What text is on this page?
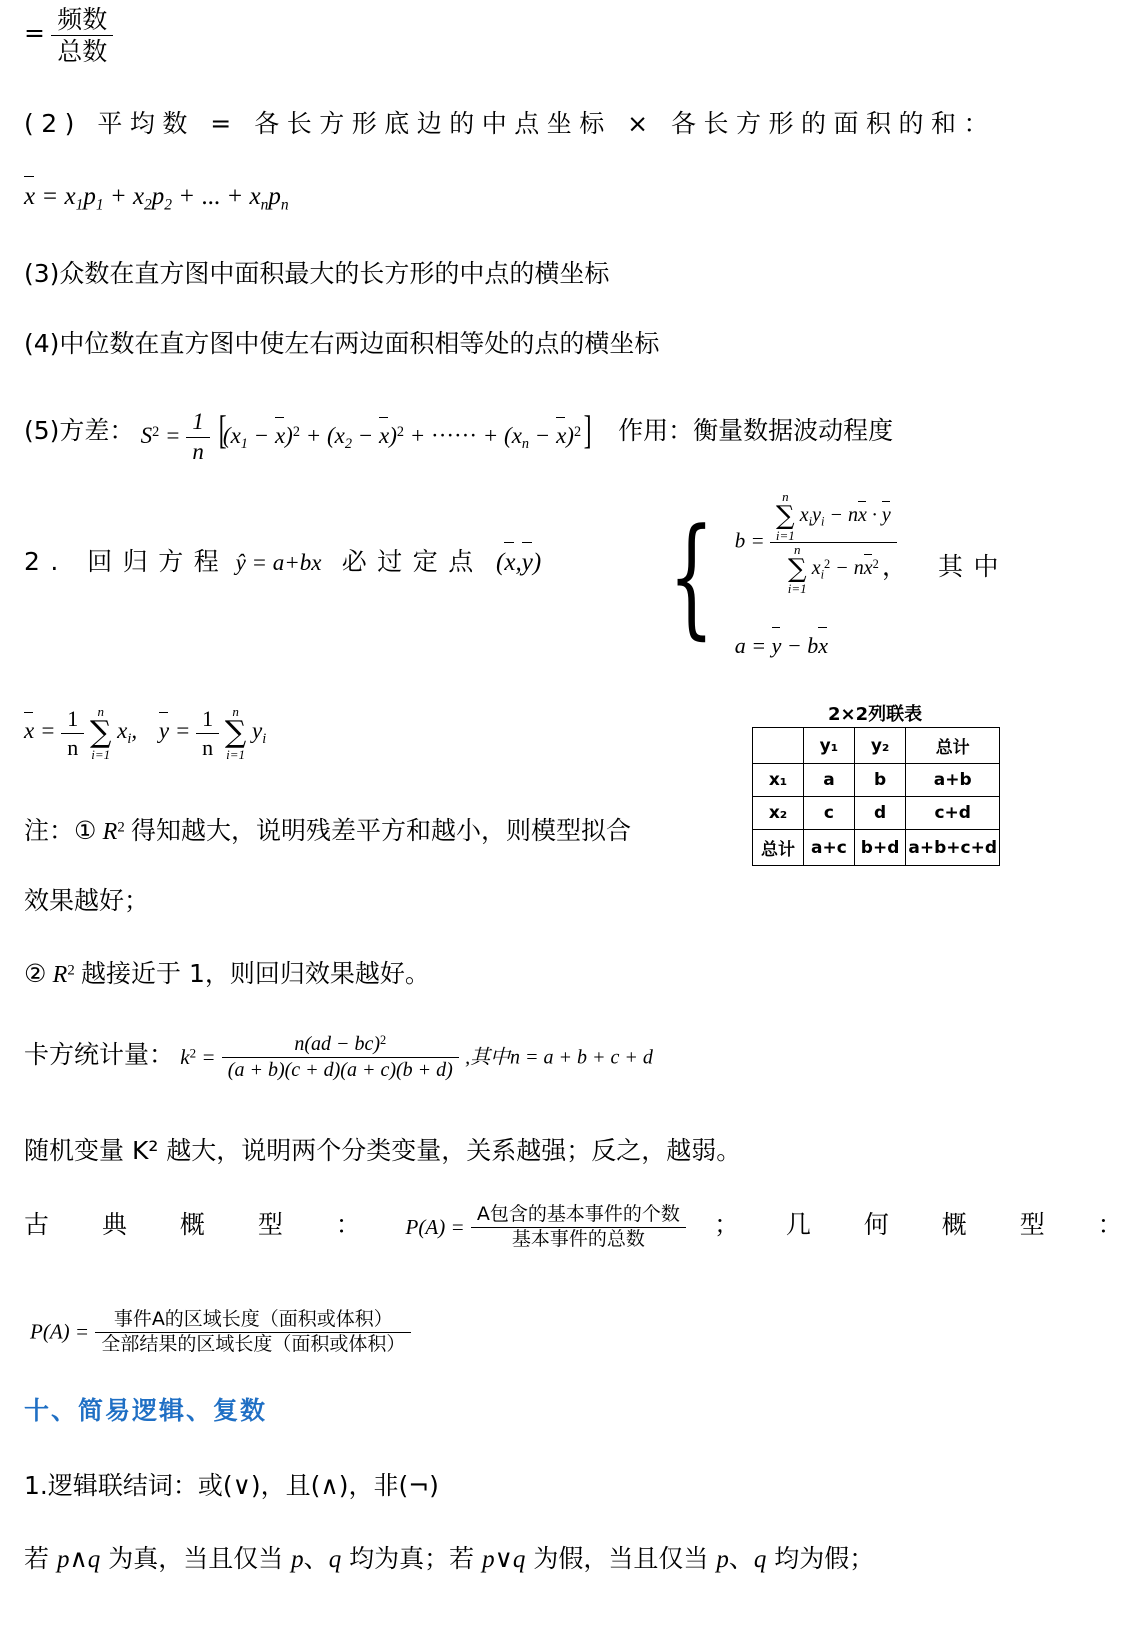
= $\frac{\text{频数}}{\text{总数}}$
(2) 平均数 = 各长方形底边的中点坐标 × 各长方形的面积的和：
$x = x_1p_1 + x_2p_2$ + ... + $x_np_n$
(3)众数在直方图中面积最大的长方形的中点的横坐标
(4)中位数在直方图中使左右两边面积相等处的点的横坐标
(5)方差： $S^2 = \frac{1}{n} [(x_1 - x)^2 + (x_2 - x)^2$ + ······ + $(x_n - x)^2$] 作用：衡量数据波动程度
2. 回归方程 ŷ = a+bx 必过定点 (x,y) { b = n
∑
i=1
$x_iy_i$ − nx · y
n
∑
i=1
$x_i^2 - nx^2$
a = y − bx
， 其中
$x = \frac{1}{n}$
	n
∑
i=1
$x_i$, $y = \frac{1}{n}$
	n
∑
i=1
$y_i$
2×2列联表
	y₁	y₂	总计
x₁	a	b	a+b
x₂	c	d	c+d
总计	a+c	b+d	a+b+c+d
注：① $R^2$ 得知越大，说明残差平方和越小，则模型拟合
效果越好；
② $R^2$ 越接近于 1，则回归效果越好。
卡方统计量： $k^2 = \frac{n(ad - bc)^2}{(a + b)(c + d)(a + c)(b + d)}$ ,其中n = a + b + c + d
随机变量 K² 越大，说明两个分类变量，关系越强；反之，越弱。
古 典 概 型 ： $P(A) = \frac{\text{A包含的基本事件的个数}}{\text{基本事件的总数}}$ ； 几 何 概 型 ：
$P(A) = \frac{\text{事件A的区域长度（面积或体积）}}{\text{全部结果的区域长度（面积或体积）}}$
十、简易逻辑、复数
1.逻辑联结词：或(∨)，且(∧)，非(¬)
若 p∧q 为真，当且仅当 p、q 均为真；若 p∨q 为假，当且仅当 p、q 均为假；
